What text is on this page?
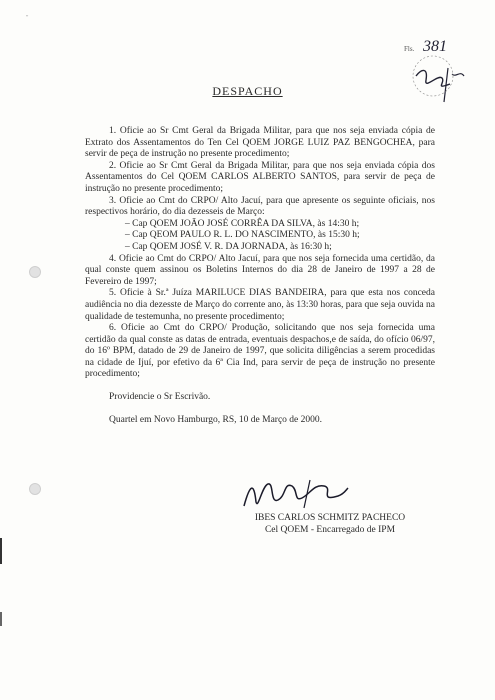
"
Fls. 381
DESPACHO

1. Oficie ao Sr Cmt Geral da Brigada Militar, para que nos seja enviada cópia de Extrato dos Assentamentos do Ten Cel QOEM JORGE LUIZ PAZ BENGOCHEA, para servir de peça de instrução no presente procedimento;

2. Oficie ao Sr Cmt Geral da Brigada Militar, para que nos seja enviada cópia dos Assentamentos do Cel QOEM CARLOS ALBERTO SANTOS, para servir de peça de instrução no presente procedimento;

3. Oficie ao Cmt do CRPO/ Alto Jacuí, para que apresente os seguinte oficiais, nos respectivos horário, do dia dezesseis de Março:

– Cap QOEM JOÃO JOSÉ CORRÊA DA SILVA, às 14:30 h;
– Cap QEOM PAULO R. L. DO NASCIMENTO, às 15:30 h;
– Cap QOEM JOSÉ V. R. DA JORNADA, às 16:30 h;

4. Oficie ao Cmt do CRPO/ Alto Jacuí, para que nos seja fornecida uma certidão, da qual conste quem assinou os Boletins Internos do dia 28 de Janeiro de 1997 a 28 de Fevereiro de 1997;

5. Oficie à Sr.ª Juíza MARILUCE DIAS BANDEIRA, para que esta nos conceda audiência no dia dezesste de Março do corrente ano, às 13:30 horas, para que seja ouvida na qualidade de testemunha, no presente procedimento;

6. Oficie ao Cmt do CRPO/ Produção, solicitando que nos seja fornecida uma certidão da qual conste as datas de entrada, eventuais despachos,e de saída, do ofício 06/97, do 16º BPM, datado de 29 de Janeiro de 1997, que solicita diligências a serem procedidas na cidade de Ijuí, por efetivo da 6ª Cia Ind, para servir de peça de instrução no presente procedimento;

Providencie o Sr Escrivão.

Quartel em Novo Hamburgo, RS, 10 de Março de 2000.

IBES CARLOS SCHMITZ PACHECO
Cel QOEM - Encarregado de IPM
